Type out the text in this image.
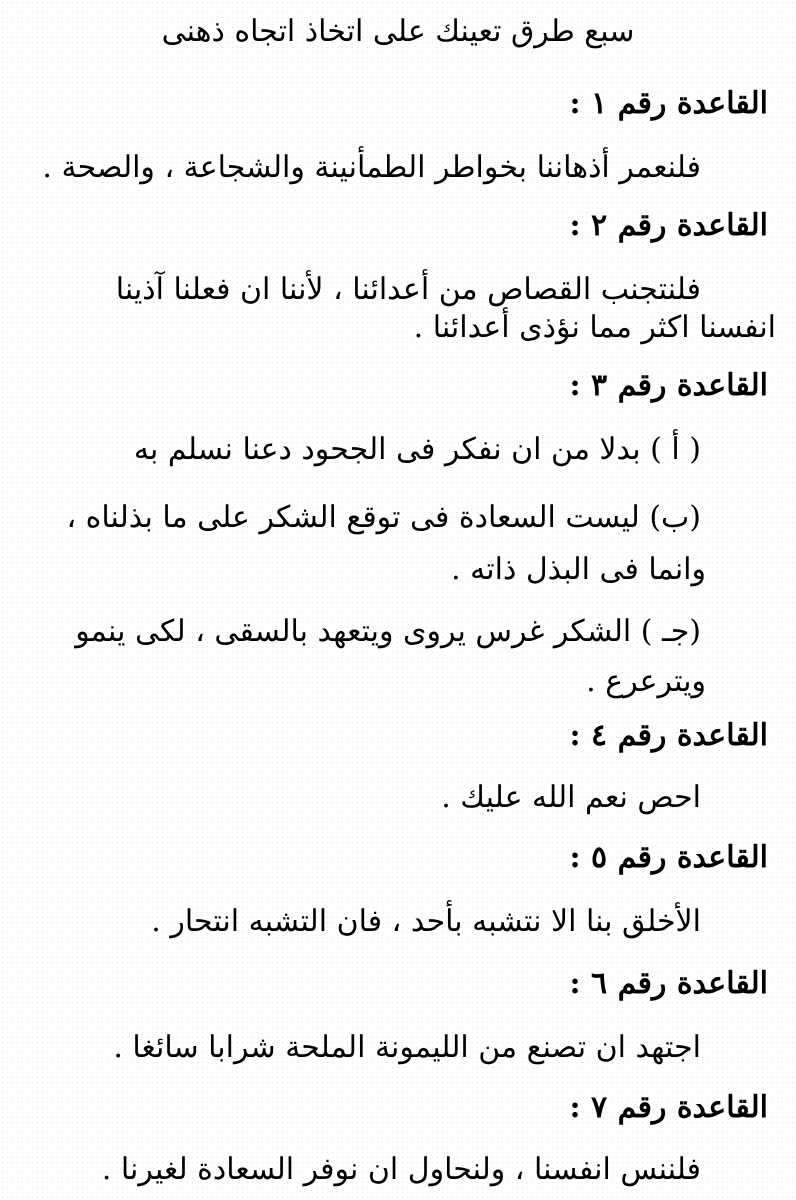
سبع طرق تعينك على اتخاذ اتجاه ذهنى
القاعدة رقم ١ :
فلنعمر أذهاننا بخواطر الطمأنينة والشجاعة ، والصحة .
القاعدة رقم ٢ :
فلنتجنب القصاص من أعدائنا ، لأننا ان فعلنا آذينا
انفسنا اكثر مما نؤذى أعدائنا .
القاعدة رقم ٣ :
( أ ) بدلا من ان نفكر فى الجحود دعنا نسلم به
(ب) ليست السعادة فى توقع الشكر على ما بذلناه ،
وانما فى البذل ذاته .
(جـ ) الشكر غرس يروى ويتعهد بالسقى ، لكى ينمو
ويترعرع .
القاعدة رقم ٤ :
احص نعم الله عليك .
القاعدة رقم ٥ :
الأخلق بنا الا نتشبه بأحد ، فان التشبه انتحار .
القاعدة رقم ٦ :
اجتهد ان تصنع من الليمونة الملحة شرابا سائغا .
القاعدة رقم ٧ :
فلننس انفسنا ، ولنحاول ان نوفر السعادة لغيرنا .
